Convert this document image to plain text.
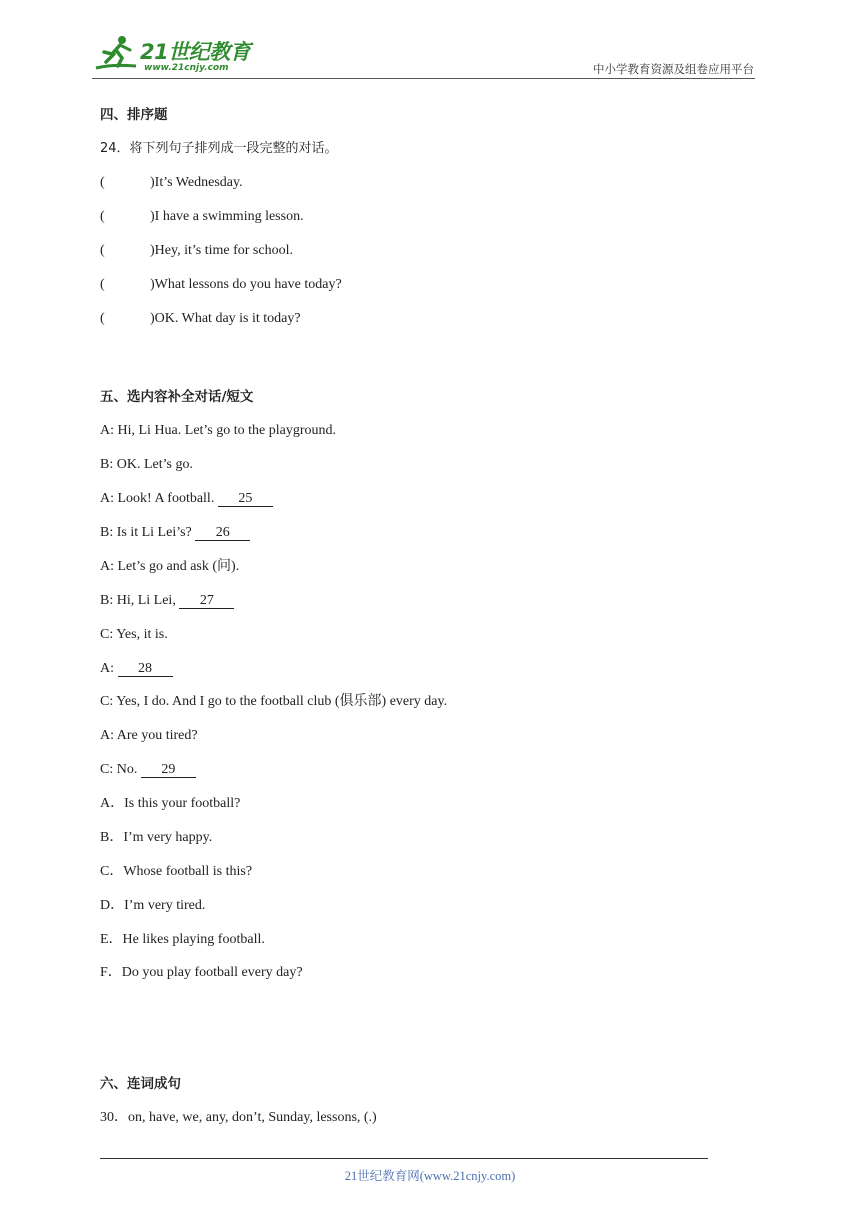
21世纪教育
www.21cnjy.com	中小学教育资源及组卷应用平台
四、排序题
24．将下列句子排列成一段完整的对话。
(	)It’s Wednesday.
(	)I have a swimming lesson.
(	)Hey, it’s time for school.
(	)What lessons do you have today?
(	)OK. What day is it today?
五、选内容补全对话/短文
A: Hi, Li Hua. Let’s go to the playground.
B: OK. Let’s go.
A: Look! A football. 25
B: Is it Li Lei’s? 26
A: Let’s go and ask (问).
B: Hi, Li Lei, 27
C: Yes, it is.
A: 28
C: Yes, I do. And I go to the football club (俱乐部) every day.
A: Are you tired?
C: No. 29
A．Is this your football?
B．I’m very happy.
C．Whose football is this?
D．I’m very tired.
E．He likes playing football.
F．Do you play football every day?
六、连词成句
30．on, have, we, any, don’t, Sunday, lessons, (.)
21世纪教育网(www.21cnjy.com)
